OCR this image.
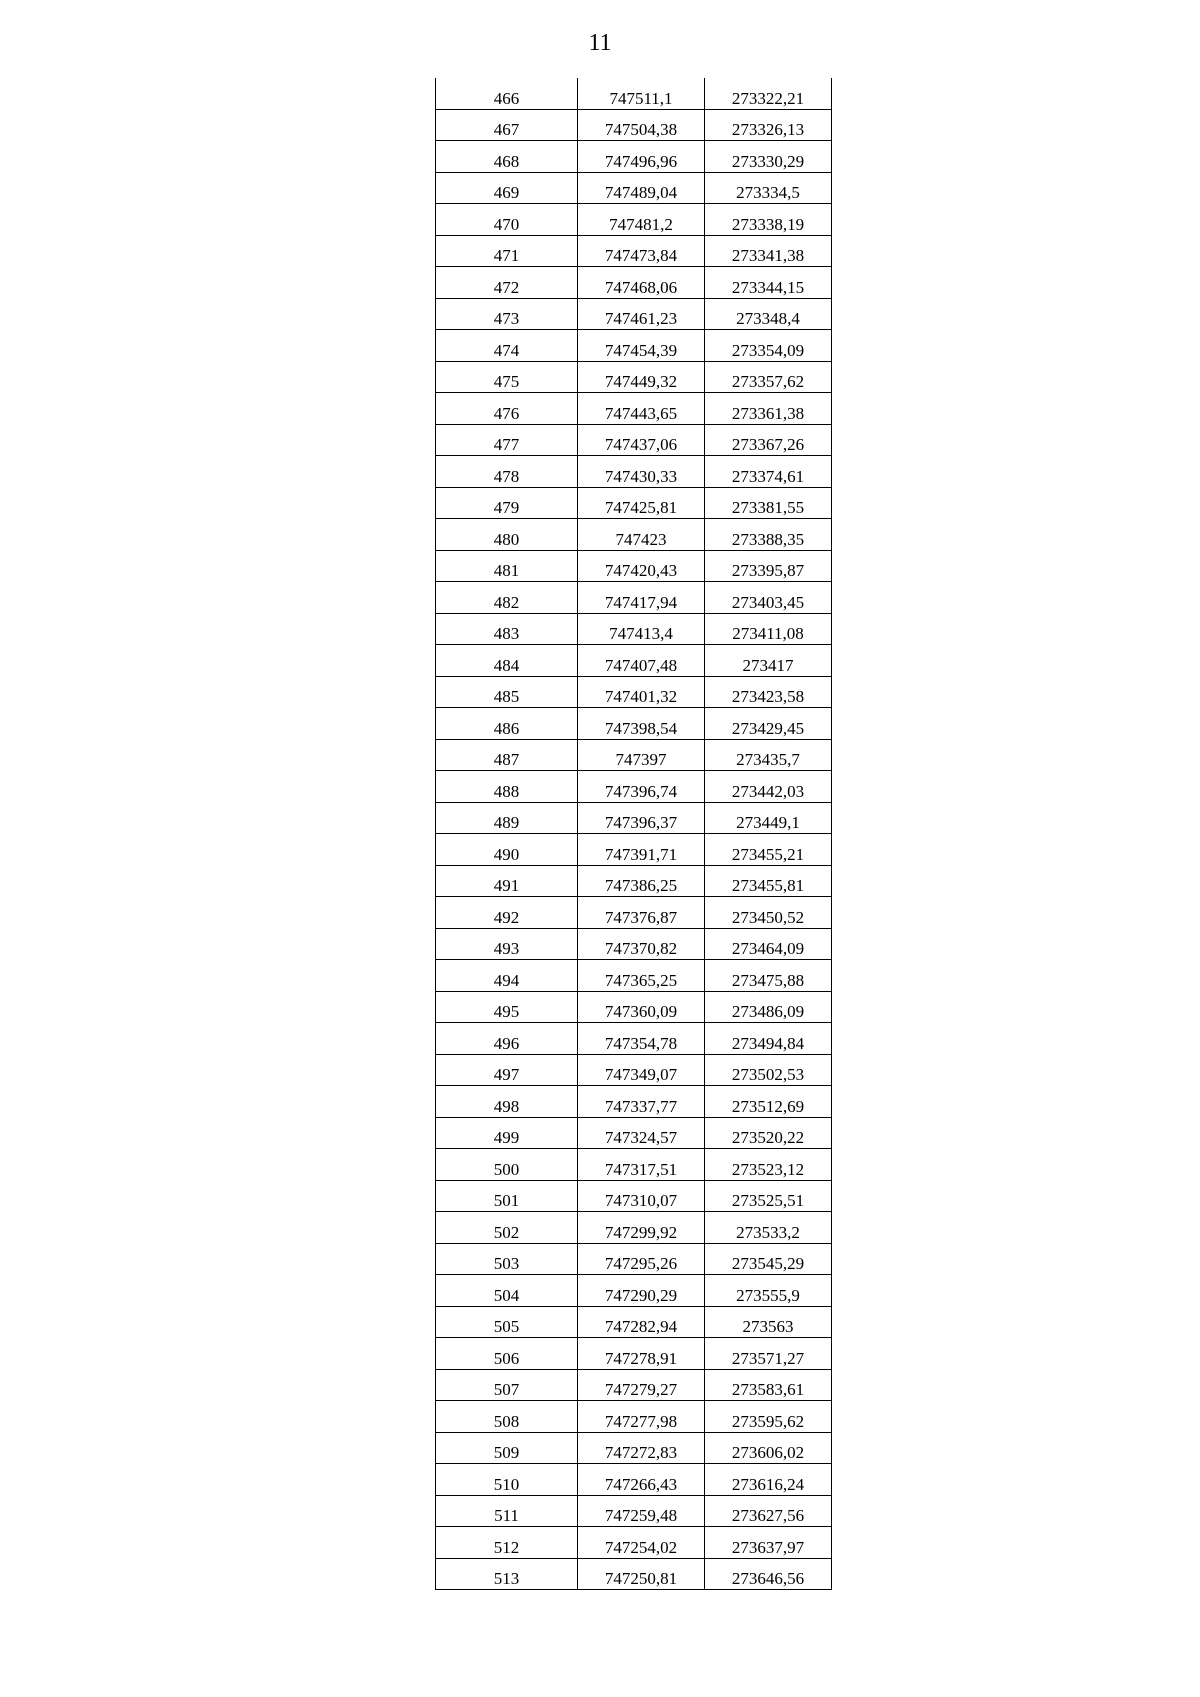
11
466	747511,1	273322,21
467	747504,38	273326,13
468	747496,96	273330,29
469	747489,04	273334,5
470	747481,2	273338,19
471	747473,84	273341,38
472	747468,06	273344,15
473	747461,23	273348,4
474	747454,39	273354,09
475	747449,32	273357,62
476	747443,65	273361,38
477	747437,06	273367,26
478	747430,33	273374,61
479	747425,81	273381,55
480	747423	273388,35
481	747420,43	273395,87
482	747417,94	273403,45
483	747413,4	273411,08
484	747407,48	273417
485	747401,32	273423,58
486	747398,54	273429,45
487	747397	273435,7
488	747396,74	273442,03
489	747396,37	273449,1
490	747391,71	273455,21
491	747386,25	273455,81
492	747376,87	273450,52
493	747370,82	273464,09
494	747365,25	273475,88
495	747360,09	273486,09
496	747354,78	273494,84
497	747349,07	273502,53
498	747337,77	273512,69
499	747324,57	273520,22
500	747317,51	273523,12
501	747310,07	273525,51
502	747299,92	273533,2
503	747295,26	273545,29
504	747290,29	273555,9
505	747282,94	273563
506	747278,91	273571,27
507	747279,27	273583,61
508	747277,98	273595,62
509	747272,83	273606,02
510	747266,43	273616,24
511	747259,48	273627,56
512	747254,02	273637,97
513	747250,81	273646,56
